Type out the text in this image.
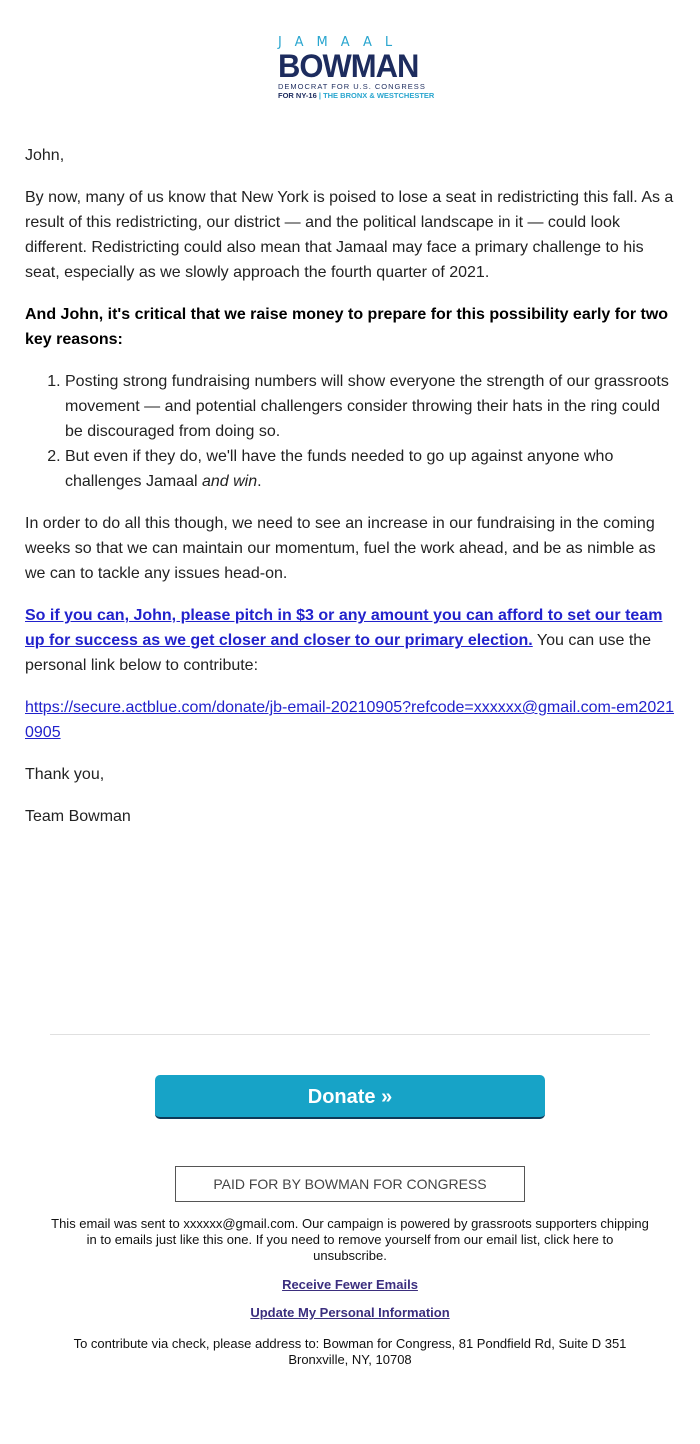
JAMAAL
BOWMAN
DEMOCRAT FOR U.S. CONGRESS
FOR NY-16 | THE BRONX & WESTCHESTER

John,

By now, many of us know that New York is poised to lose a seat in redistricting this fall. As a result of this redistricting, our district — and the political landscape in it — could look different. Redistricting could also mean that Jamaal may face a primary challenge to his seat, especially as we slowly approach the fourth quarter of 2021.

And John, it's critical that we raise money to prepare for this possibility early for two key reasons:

1. Posting strong fundraising numbers will show everyone the strength of our grassroots movement — and potential challengers consider throwing their hats in the ring could be discouraged from doing so.
2. But even if they do, we'll have the funds needed to go up against anyone who challenges Jamaal and win.

In order to do all this though, we need to see an increase in our fundraising in the coming weeks so that we can maintain our momentum, fuel the work ahead, and be as nimble as we can to tackle any issues head-on.

So if you can, John, please pitch in $3 or any amount you can afford to set our team up for success as we get closer and closer to our primary election. You can use the personal link below to contribute:

https://secure.actblue.com/donate/jb-email-20210905?refcode=xxxxxx@gmail.com-em20210905

Thank you,

Team Bowman

Donate »
PAID FOR BY BOWMAN FOR CONGRESS
This email was sent to xxxxxx@gmail.com. Our campaign is powered by grassroots supporters chipping in to emails just like this one. If you need to remove yourself from our email list, click here to unsubscribe.
Receive Fewer Emails
Update My Personal Information
To contribute via check, please address to: Bowman for Congress, 81 Pondfield Rd, Suite D 351 Bronxville, NY, 10708
